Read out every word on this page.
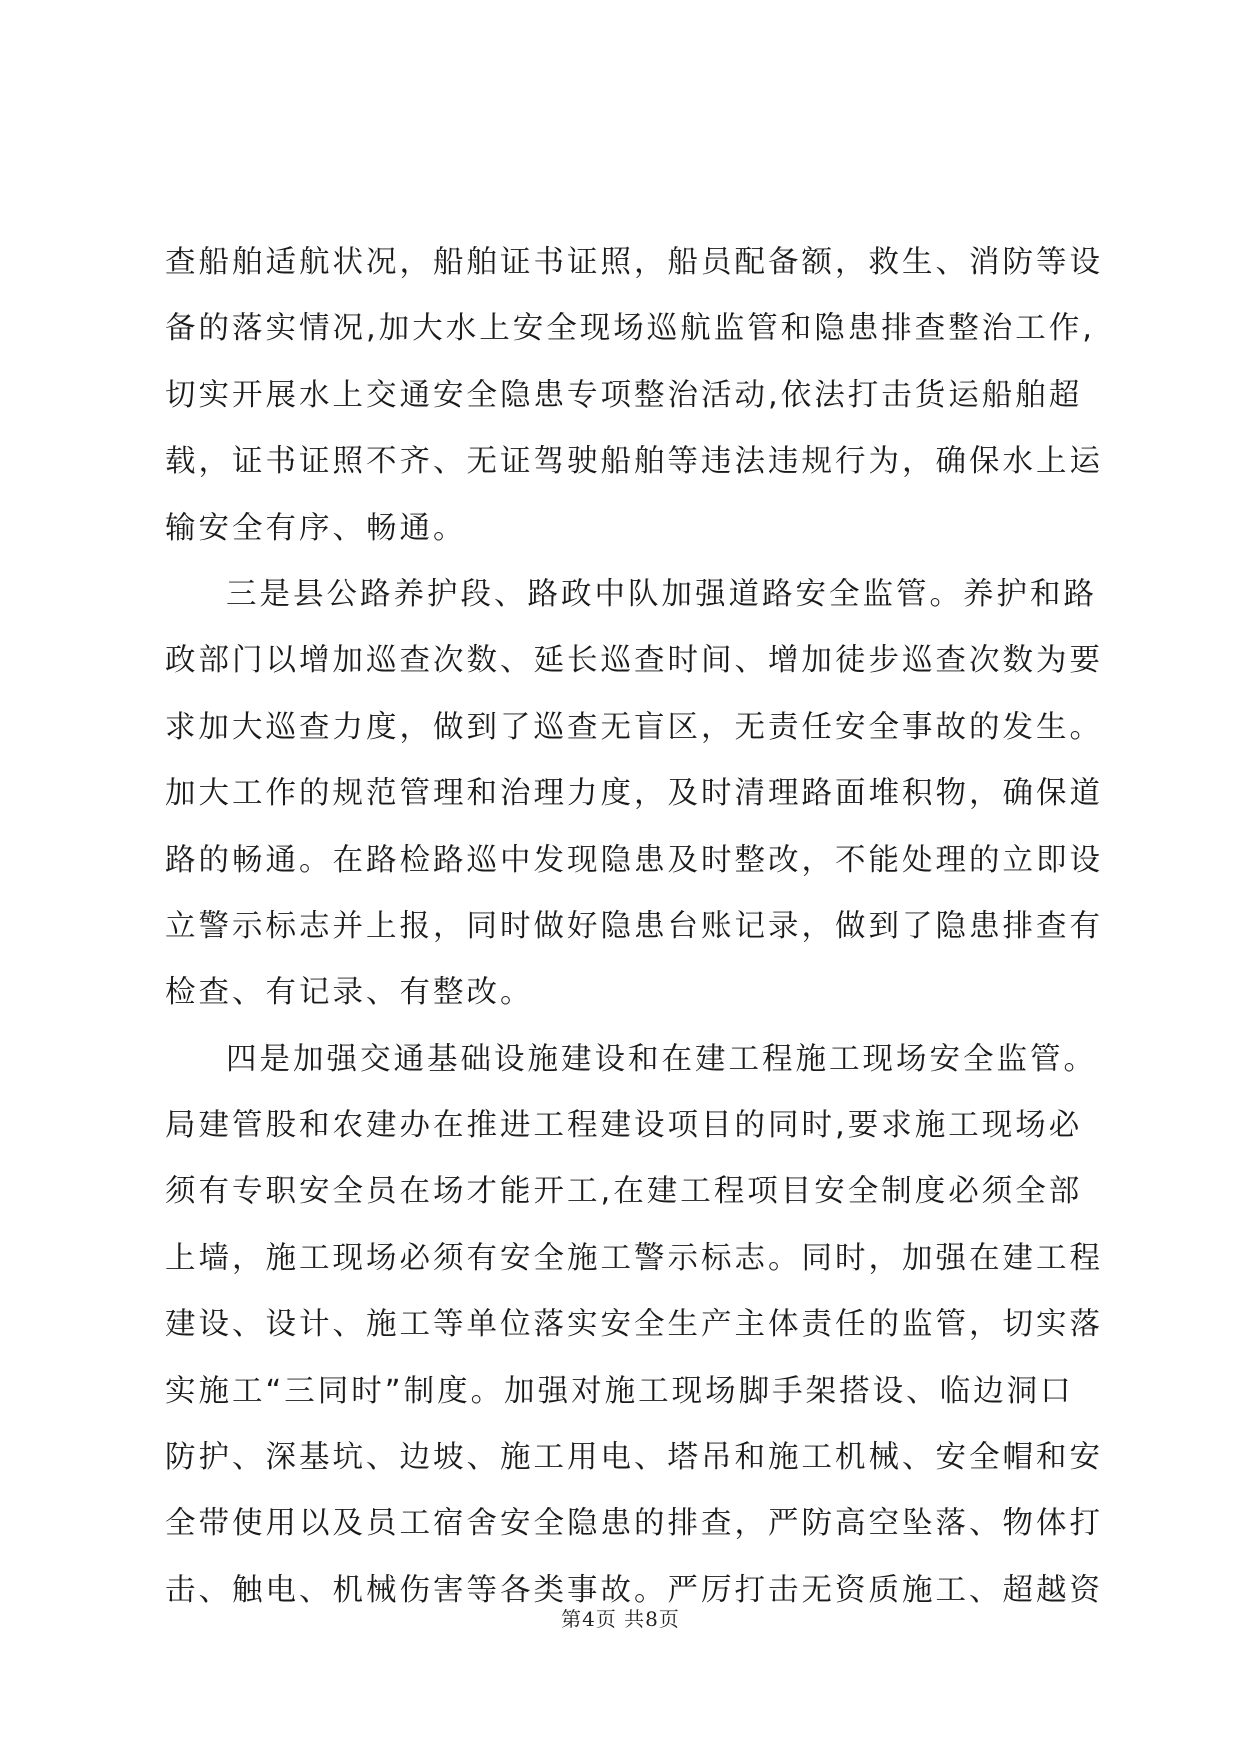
查船舶适航状况，船舶证书证照，船员配备额，救生、消防等设
备的落实情况,加大水上安全现场巡航监管和隐患排查整治工作,
切实开展水上交通安全隐患专项整治活动,依法打击货运船舶超
载，证书证照不齐、无证驾驶船舶等违法违规行为，确保水上运
输安全有序、畅通。
三是县公路养护段、路政中队加强道路安全监管。养护和路
政部门以增加巡查次数、延长巡查时间、增加徒步巡查次数为要
求加大巡查力度，做到了巡查无盲区，无责任安全事故的发生。
加大工作的规范管理和治理力度，及时清理路面堆积物，确保道
路的畅通。在路检路巡中发现隐患及时整改，不能处理的立即设
立警示标志并上报，同时做好隐患台账记录，做到了隐患排查有
检查、有记录、有整改。
四是加强交通基础设施建设和在建工程施工现场安全监管。
局建管股和农建办在推进工程建设项目的同时,要求施工现场必
须有专职安全员在场才能开工,在建工程项目安全制度必须全部
上墙，施工现场必须有安全施工警示标志。同时，加强在建工程
建设、设计、施工等单位落实安全生产主体责任的监管，切实落
实施工“三同时”制度。加强对施工现场脚手架搭设、临边洞口
防护、深基坑、边坡、施工用电、塔吊和施工机械、安全帽和安
全带使用以及员工宿舍安全隐患的排查，严防高空坠落、物体打
击、触电、机械伤害等各类事故。严厉打击无资质施工、超越资
第4页 共8页
